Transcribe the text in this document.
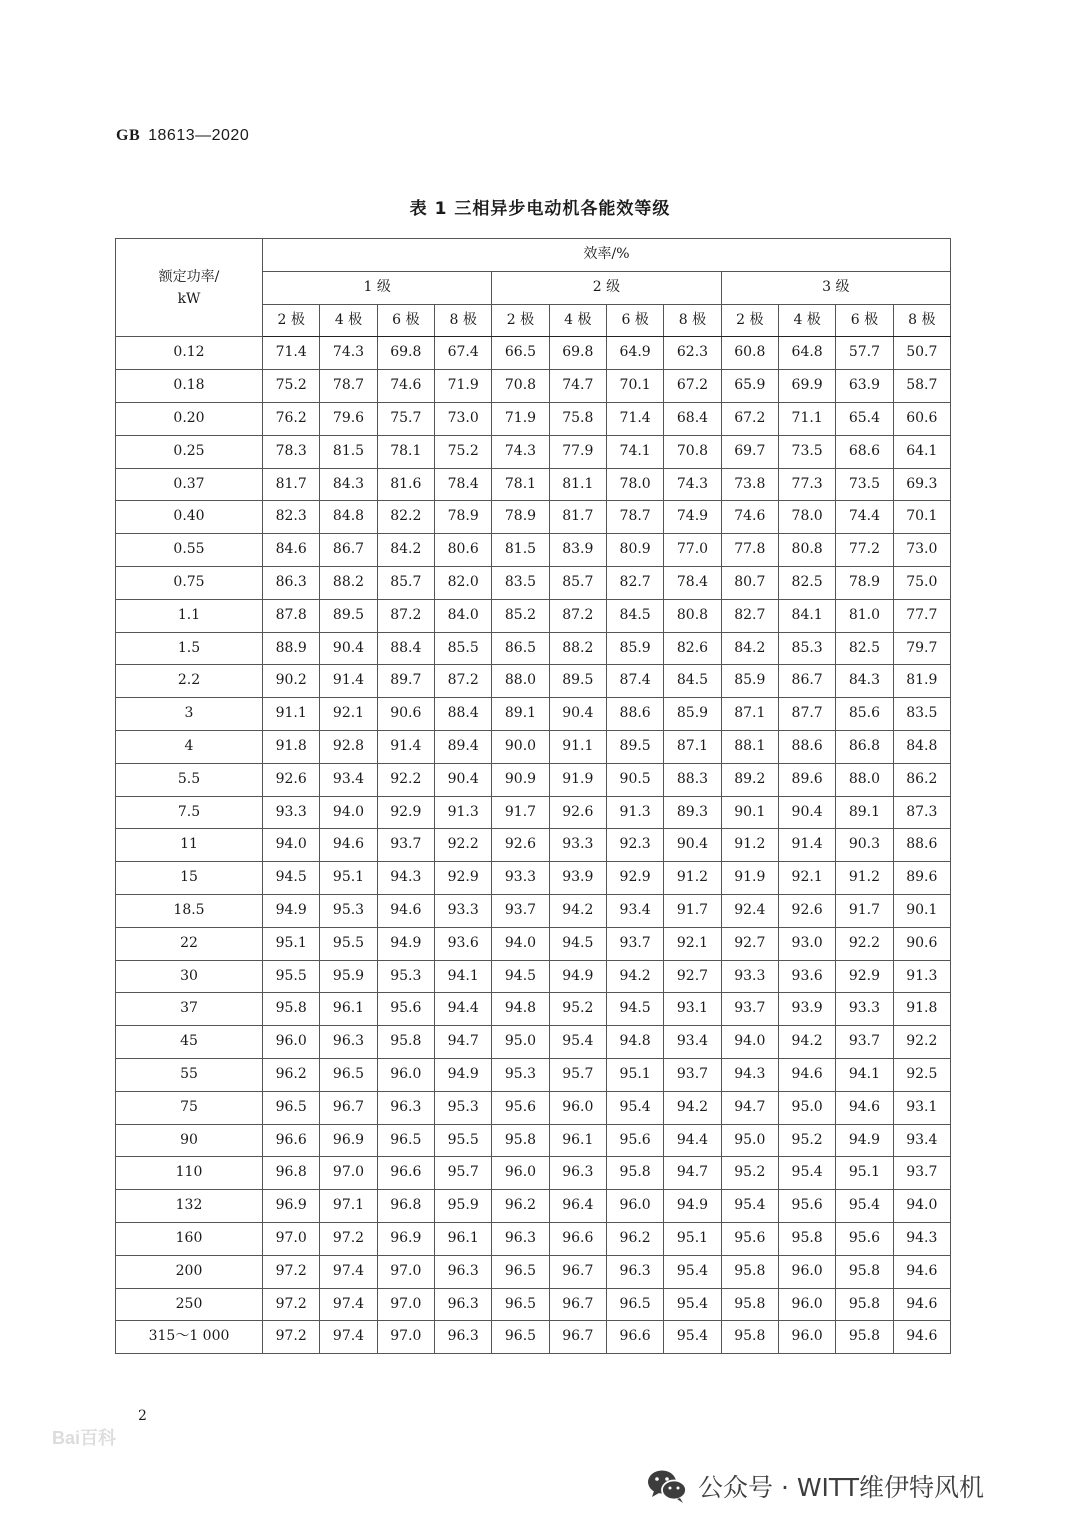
GB 18613—2020
表 1 三相异步电动机各能效等级
额定功率/
kW	效率/%											
	1 级				2 级				3 级			
	2 极	4 极	6 极	8 极	2 极	4 极	6 极	8 极	2 极	4 极	6 极	8 极
0.12	71.4	74.3	69.8	67.4	66.5	69.8	64.9	62.3	60.8	64.8	57.7	50.7
0.18	75.2	78.7	74.6	71.9	70.8	74.7	70.1	67.2	65.9	69.9	63.9	58.7
0.20	76.2	79.6	75.7	73.0	71.9	75.8	71.4	68.4	67.2	71.1	65.4	60.6
0.25	78.3	81.5	78.1	75.2	74.3	77.9	74.1	70.8	69.7	73.5	68.6	64.1
0.37	81.7	84.3	81.6	78.4	78.1	81.1	78.0	74.3	73.8	77.3	73.5	69.3
0.40	82.3	84.8	82.2	78.9	78.9	81.7	78.7	74.9	74.6	78.0	74.4	70.1
0.55	84.6	86.7	84.2	80.6	81.5	83.9	80.9	77.0	77.8	80.8	77.2	73.0
0.75	86.3	88.2	85.7	82.0	83.5	85.7	82.7	78.4	80.7	82.5	78.9	75.0
1.1	87.8	89.5	87.2	84.0	85.2	87.2	84.5	80.8	82.7	84.1	81.0	77.7
1.5	88.9	90.4	88.4	85.5	86.5	88.2	85.9	82.6	84.2	85.3	82.5	79.7
2.2	90.2	91.4	89.7	87.2	88.0	89.5	87.4	84.5	85.9	86.7	84.3	81.9
3	91.1	92.1	90.6	88.4	89.1	90.4	88.6	85.9	87.1	87.7	85.6	83.5
4	91.8	92.8	91.4	89.4	90.0	91.1	89.5	87.1	88.1	88.6	86.8	84.8
5.5	92.6	93.4	92.2	90.4	90.9	91.9	90.5	88.3	89.2	89.6	88.0	86.2
7.5	93.3	94.0	92.9	91.3	91.7	92.6	91.3	89.3	90.1	90.4	89.1	87.3
11	94.0	94.6	93.7	92.2	92.6	93.3	92.3	90.4	91.2	91.4	90.3	88.6
15	94.5	95.1	94.3	92.9	93.3	93.9	92.9	91.2	91.9	92.1	91.2	89.6
18.5	94.9	95.3	94.6	93.3	93.7	94.2	93.4	91.7	92.4	92.6	91.7	90.1
22	95.1	95.5	94.9	93.6	94.0	94.5	93.7	92.1	92.7	93.0	92.2	90.6
30	95.5	95.9	95.3	94.1	94.5	94.9	94.2	92.7	93.3	93.6	92.9	91.3
37	95.8	96.1	95.6	94.4	94.8	95.2	94.5	93.1	93.7	93.9	93.3	91.8
45	96.0	96.3	95.8	94.7	95.0	95.4	94.8	93.4	94.0	94.2	93.7	92.2
55	96.2	96.5	96.0	94.9	95.3	95.7	95.1	93.7	94.3	94.6	94.1	92.5
75	96.5	96.7	96.3	95.3	95.6	96.0	95.4	94.2	94.7	95.0	94.6	93.1
90	96.6	96.9	96.5	95.5	95.8	96.1	95.6	94.4	95.0	95.2	94.9	93.4
110	96.8	97.0	96.6	95.7	96.0	96.3	95.8	94.7	95.2	95.4	95.1	93.7
132	96.9	97.1	96.8	95.9	96.2	96.4	96.0	94.9	95.4	95.6	95.4	94.0
160	97.0	97.2	96.9	96.1	96.3	96.6	96.2	95.1	95.6	95.8	95.6	94.3
200	97.2	97.4	97.0	96.3	96.5	96.7	96.3	95.4	95.8	96.0	95.8	94.6
250	97.2	97.4	97.0	96.3	96.5	96.7	96.5	95.4	95.8	96.0	95.8	94.6
315～1 000	97.2	97.4	97.0	96.3	96.5	96.7	96.6	95.4	95.8	96.0	95.8	94.6
2
Bai百科
公众号 · WITT维伊特风机
